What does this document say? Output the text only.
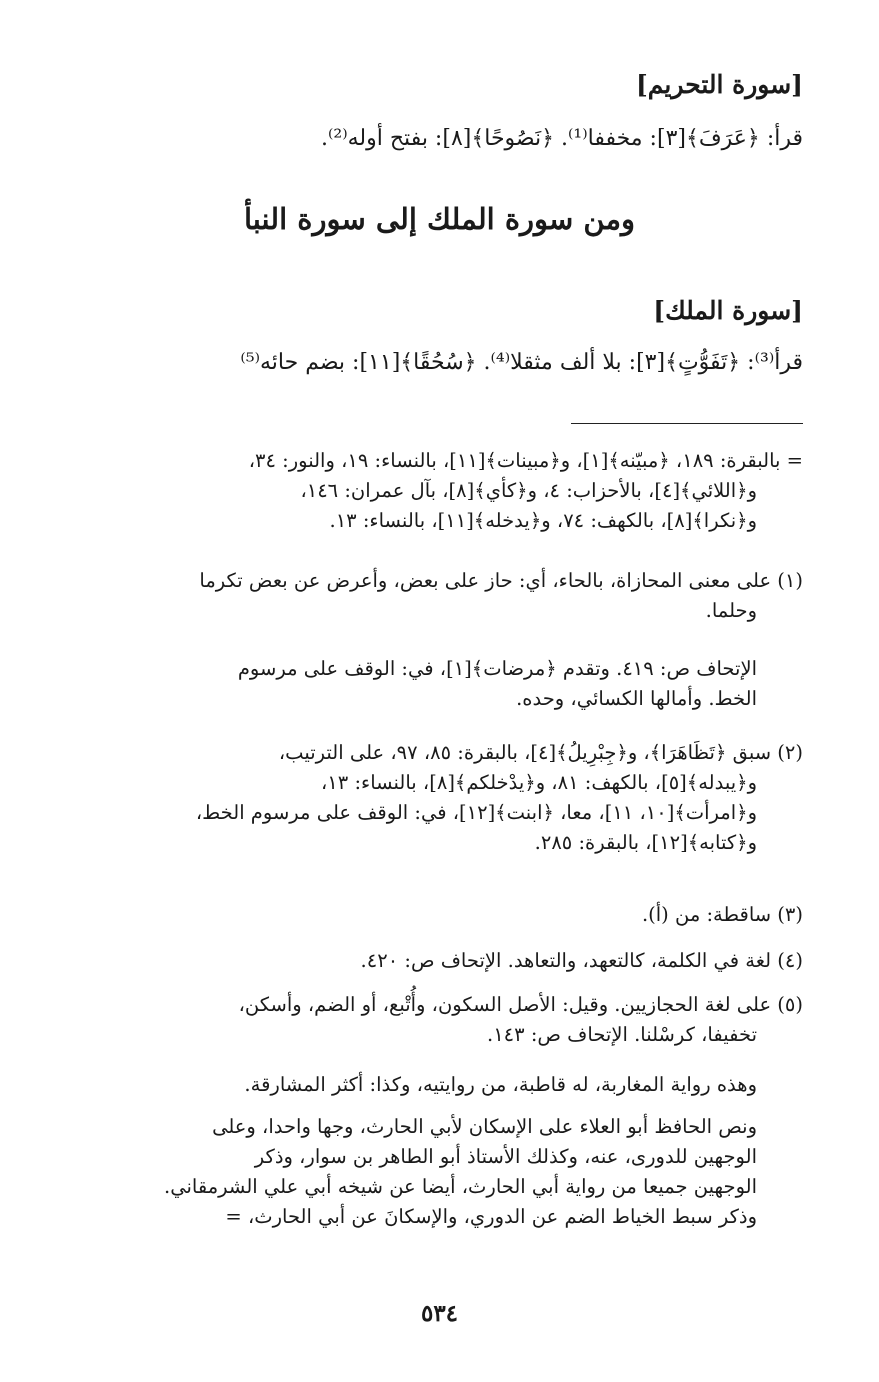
[سورة التحريم]
قرأ: ﴿عَرَفَ﴾[٣]: مخففا⁽¹⁾. ﴿نَصُوحًا﴾[٨]: بفتح أوله⁽²⁾.
ومن سورة الملك إلى سورة النبأ
[سورة الملك]
قرأ⁽³⁾: ﴿تَفَوُّتٍ﴾[٣]: بلا ألف مثقلا⁽⁴⁾. ﴿سُحُقًا﴾[١١]: بضم حائه⁽⁵⁾

= بالبقرة: ١٨٩، ﴿مبيّنه﴾[١]، و﴿مبينات﴾[١١]، بالنساء: ١٩، والنور: ٣٤،

و﴿اللائي﴾[٤]، بالأحزاب: ٤، و﴿كأي﴾[٨]، بآل عمران: ١٤٦،

و﴿نكرا﴾[٨]، بالكهف: ٧٤، و﴿يدخله﴾[١١]، بالنساء: ١٣.

(١) على معنى المحازاة، بالحاء، أي: حاز على بعض، وأعرض عن بعض تكرما

وحلما.

الإتحاف ص: ٤١٩. وتقدم ﴿مرضات﴾[١]، في: الوقف على مرسوم

الخط. وأمالها الكسائي، وحده.

(٢) سبق ﴿تَظَاهَرَا﴾، و﴿جِبْرِيلُ﴾[٤]، بالبقرة: ٨٥، ٩٧، على الترتيب،

و﴿يبدله﴾[٥]، بالكهف: ٨١، و﴿يدْخلكم﴾[٨]، بالنساء: ١٣،

و﴿امرأت﴾[١٠، ١١]، معا، ﴿ابنت﴾[١٢]، في: الوقف على مرسوم الخط،

و﴿كتابه﴾[١٢]، بالبقرة: ٢٨٥.

(٣) ساقطة: من (أ).

(٤) لغة في الكلمة، كالتعهد، والتعاهد. الإتحاف ص: ٤٢٠.

(٥) على لغة الحجازيين. وقيل: الأصل السكون، وأُتْبع، أو الضم، وأسكن،

تخفيفا، كرسْلنا. الإتحاف ص: ١٤٣.

وهذه رواية المغاربة، له قاطبة، من روايتيه، وكذا: أكثر المشارقة.

ونص الحافظ أبو العلاء على الإسكان لأبي الحارث، وجها واحدا، وعلى

الوجهين للدورى، عنه، وكذلك الأستاذ أبو الطاهر بن سوار، وذكر

الوجهين جميعا من رواية أبي الحارث، أيضا عن شيخه أبي علي الشرمقاني.

وذكر سبط الخياط الضم عن الدوري، والإسكانَ عن أبي الحارث، =

٥٣٤
